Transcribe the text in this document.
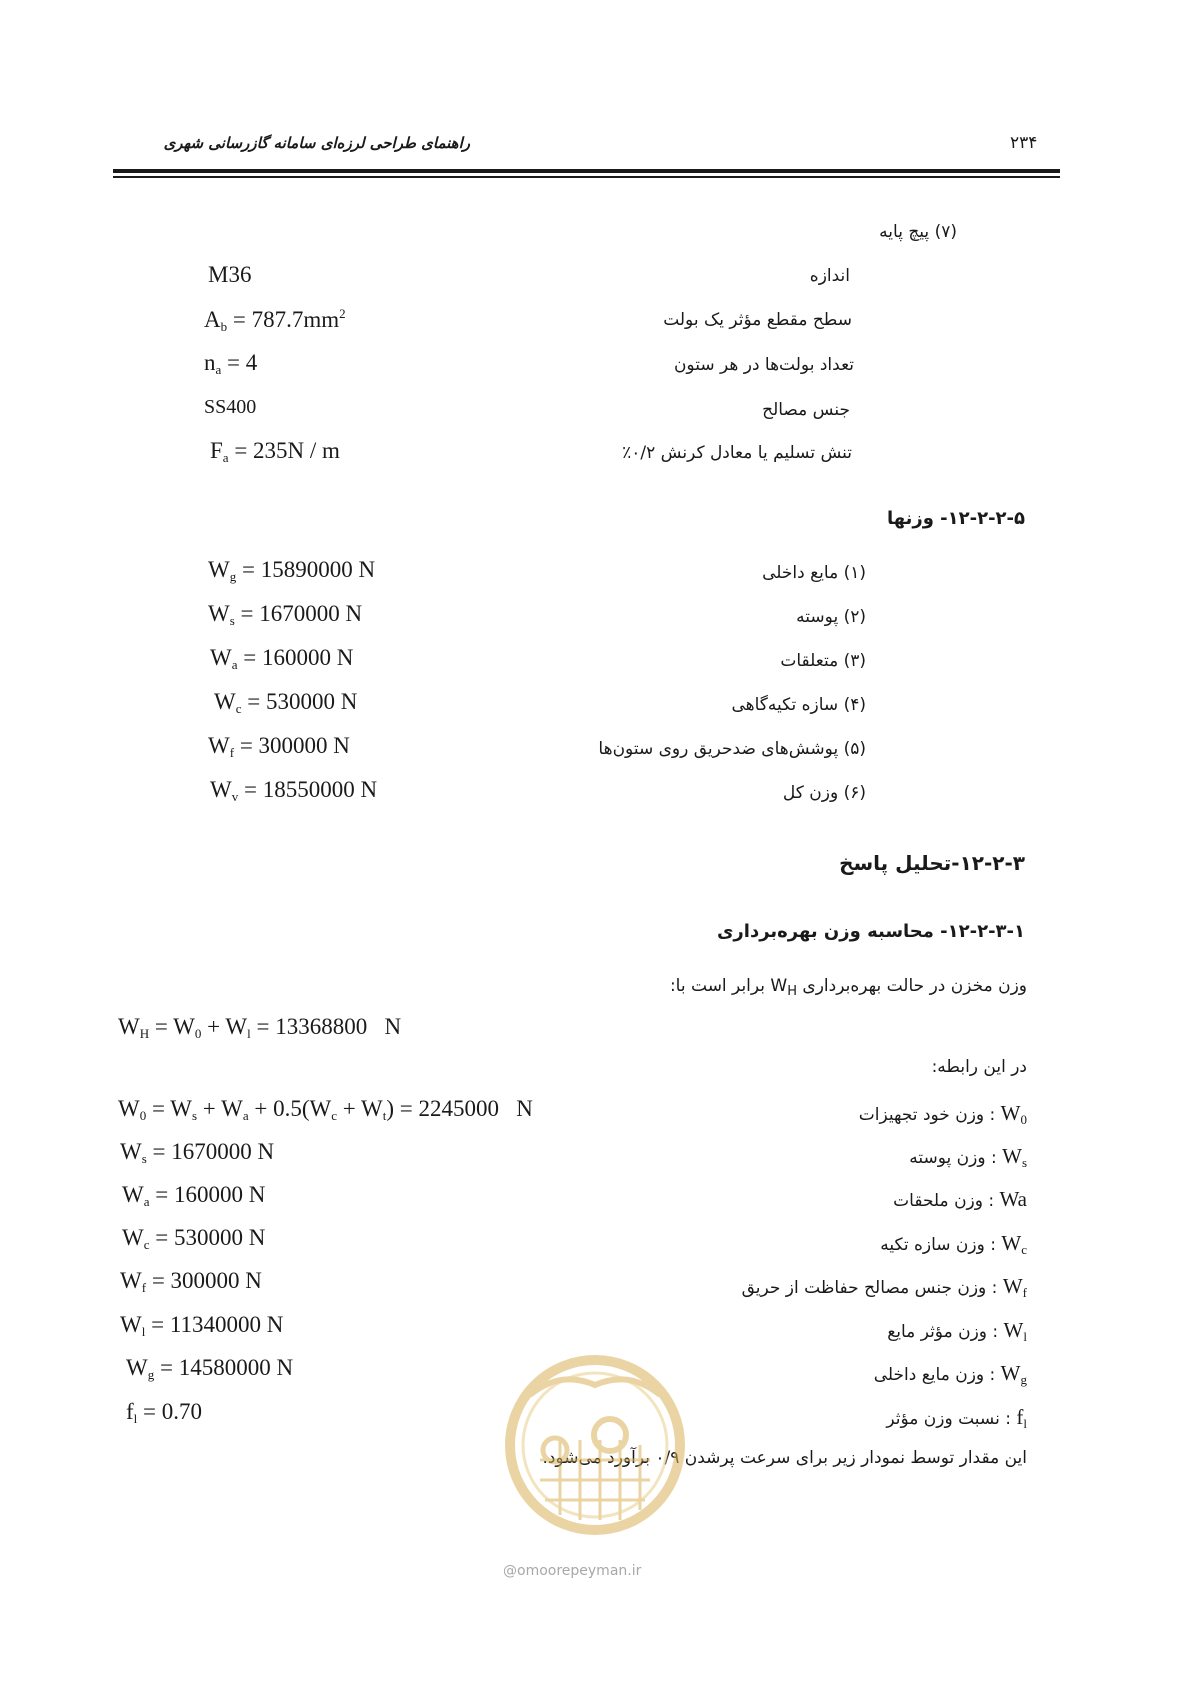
راهنمای طراحی لرزه‌ای سامانه گازرسانی شهری	۲۳۴
(۷) پیچ پایه
اندازه
M36
سطح مقطع مؤثر یک بولت
$A_b = 787.7mm^2$
تعداد بولت‌ها در هر ستون
$n_a = 4$
جنس مصالح
SS400
تنش تسلیم یا معادل کرنش ۰/۲٪
$F_a = 235N / m$
۱۲-۲-۲-۵- وزنها
(۱) مایع داخلی
$W_g = 15890000$ N
(۲) پوسته
$W_s = 1670000$ N
(۳) متعلقات
$W_a = 160000$ N
(۴) سازه تکیه‌گاهی
$W_c = 530000$ N
(۵) پوشش‌های ضدحریق روی ستون‌ها
$W_f = 300000$ N
(۶) وزن کل
$W_v = 18550000$ N
۱۲-۲-۳-تحلیل پاسخ
۱۲-۲-۳-۱- محاسبه وزن بهره‌برداری
وزن مخزن در حالت بهره‌برداری $W_H$ برابر است با:
$W_H = W_0 + W_l = 13368800$   N
در این رابطه:
$W_0$ : وزن خود تجهیزات
$W_0 = W_s + W_a + 0.5(W_c + W_t) = 2245000$   N
$W_s$ : وزن پوسته
$W_s = 1670000$ N
Wa : وزن ملحقات
$W_a = 160000$ N
$W_c$ : وزن سازه تکیه
$W_c = 530000$ N
$W_f$ : وزن جنس مصالح حفاظت از حریق
$W_f = 300000$ N
$W_l$ : وزن مؤثر مایع
$W_l = 11340000$ N
$W_g$ : وزن مایع داخلی
$W_g = 14580000$ N
$f_l$ : نسبت وزن مؤثر
$f_l = 0.70$
این مقدار توسط نمودار زیر برای سرعت پرشدن ۰/۹ برآورد می‌شود.
@omoorepeyman.ir
